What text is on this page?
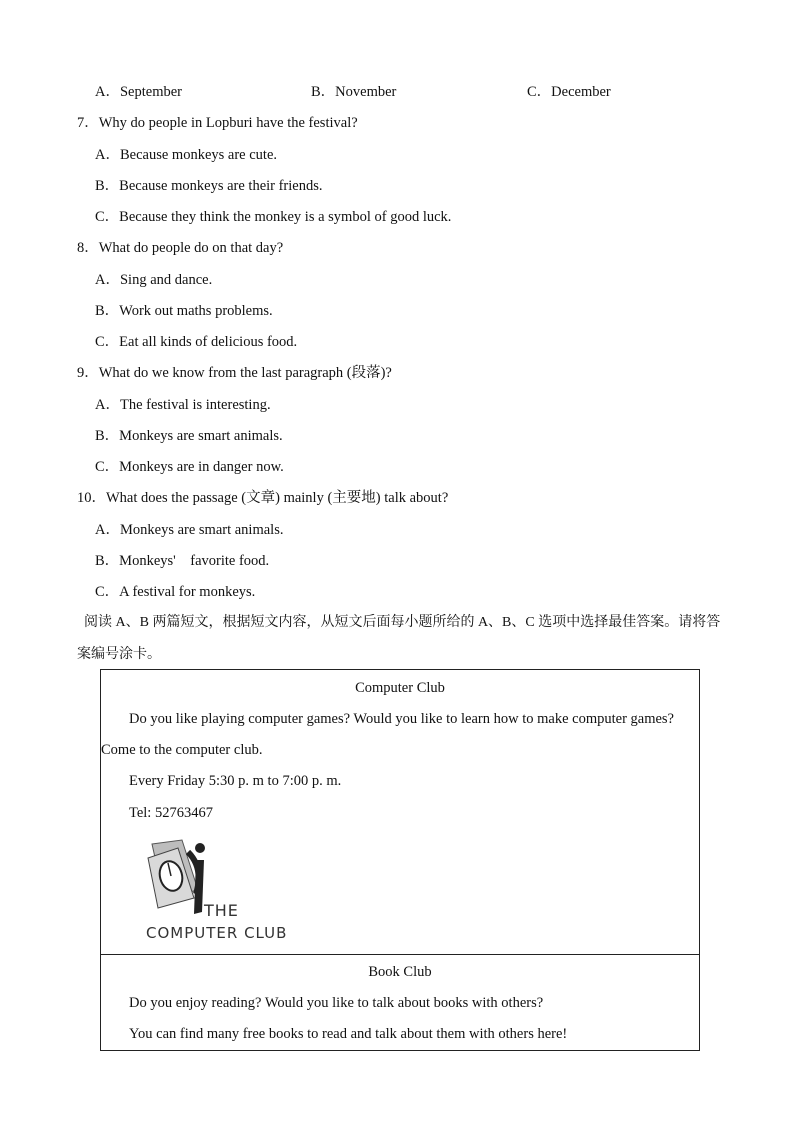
A．September	B．November	C．December
7．Why do people in Lopburi have the festival?
A．Because monkeys are cute.
B．Because monkeys are their friends.
C．Because they think the monkey is a symbol of good luck.
8．What do people do on that day?
A．Sing and dance.
B．Work out maths problems.
C．Eat all kinds of delicious food.
9．What do we know from the last paragraph (段落)?
A．The festival is interesting.
B．Monkeys are smart animals.
C．Monkeys are in danger now.
10．What does the passage (文章) mainly (主要地) talk about?
A．Monkeys are smart animals.
B．Monkeys'    favorite food.
C．A festival for monkeys.
阅读 A、B 两篇短文，根据短文内容，从短文后面每小题所给的 A、B、C 选项中选择最佳答案。请将答
案编号涂卡。
Computer Club
Do you like playing computer games? Would you like to learn how to make computer games?
Come to the computer club.
Every Friday 5:30 p. m to 7:00 p. m.
Tel: 52763467
THE
COMPUTER CLUB
Book Club
Do you enjoy reading? Would you like to talk about books with others?
You can find many free books to read and talk about them with others here!
